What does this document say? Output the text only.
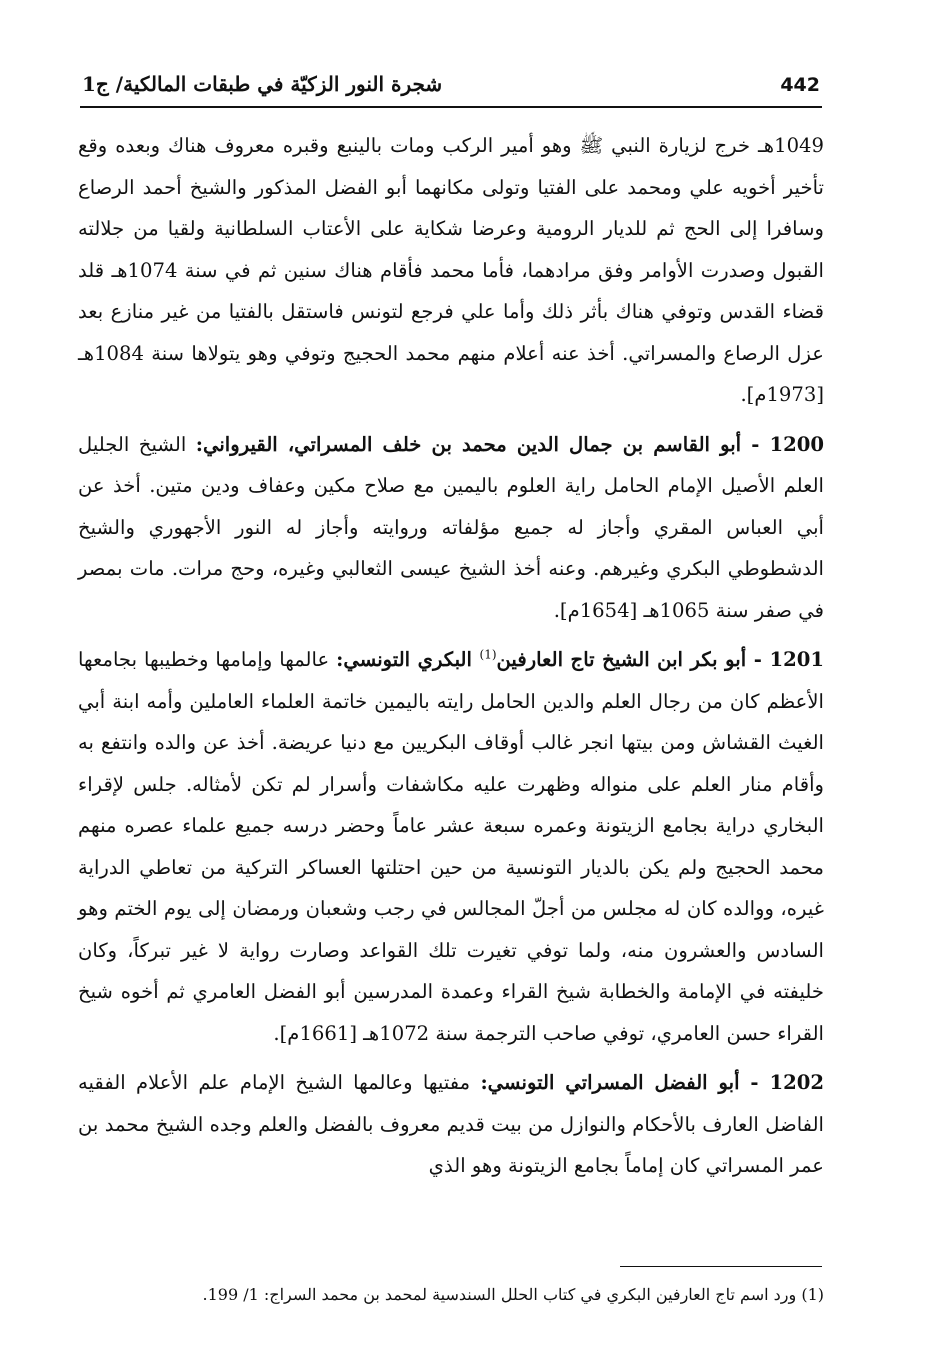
442
شجرة النور الزكيّة في طبقات المالكية/ ج1

1049هـ خرج لزيارة النبي ﷺ وهو أمير الركب ومات بالينبع وقبره معروف هناك وبعده وقع تأخير أخويه علي ومحمد على الفتيا وتولى مكانهما أبو الفضل المذكور والشيخ أحمد الرصاع وسافرا إلى الحج ثم للديار الرومية وعرضا شكاية على الأعتاب السلطانية ولقيا من جلالته القبول وصدرت الأوامر وفق مرادهما، فأما محمد فأقام هناك سنين ثم في سنة 1074هـ قلد قضاء القدس وتوفي هناك بأثر ذلك وأما علي فرجع لتونس فاستقل بالفتيا من غير منازع بعد عزل الرصاع والمسراتي. أخذ عنه أعلام منهم محمد الحجيج وتوفي وهو يتولاها سنة 1084هـ [1973م].

1200 - أبو القاسم بن جمال الدين محمد بن خلف المسراتي، القيرواني: الشيخ الجليل العلم الأصيل الإمام الحامل راية العلوم باليمين مع صلاح مكين وعفاف ودين متين. أخذ عن أبي العباس المقري وأجاز له جميع مؤلفاته وروايته وأجاز له النور الأجهوري والشيخ الدشطوطي البكري وغيرهم. وعنه أخذ الشيخ عيسى الثعالبي وغيره، وحج مرات. مات بمصر في صفر سنة 1065هـ [1654م].

1201 - أبو بكر ابن الشيخ تاج العارفين$^{(1)}$ البكري التونسي: عالمها وإمامها وخطيبها بجامعها الأعظم كان من رجال العلم والدين الحامل رايته باليمين خاتمة العلماء العاملين وأمه ابنة أبي الغيث القشاش ومن بيتها انجر غالب أوقاف البكريين مع دنيا عريضة. أخذ عن والده وانتفع به وأقام منار العلم على منواله وظهرت عليه مكاشفات وأسرار لم تكن لأمثاله. جلس لإقراء البخاري دراية بجامع الزيتونة وعمره سبعة عشر عاماً وحضر درسه جميع علماء عصره منهم محمد الحجيج ولم يكن بالديار التونسية من حين احتلتها العساكر التركية من تعاطي الدراية غيره، ووالده كان له مجلس من أجلّ المجالس في رجب وشعبان ورمضان إلى يوم الختم وهو السادس والعشرون منه، ولما توفي تغيرت تلك القواعد وصارت رواية لا غير تبركاً، وكان خليفته في الإمامة والخطابة شيخ القراء وعمدة المدرسين أبو الفضل العامري ثم أخوه شيخ القراء حسن العامري، توفي صاحب الترجمة سنة 1072هـ [1661م].

1202 - أبو الفضل المسراتي التونسي: مفتيها وعالمها الشيخ الإمام علم الأعلام الفقيه الفاضل العارف بالأحكام والنوازل من بيت قديم معروف بالفضل والعلم وجده الشيخ محمد بن عمر المسراتي كان إماماً بجامع الزيتونة وهو الذي

(1) ورد اسم تاج العارفين البكري في كتاب الحلل السندسية لمحمد بن محمد السراج: 1/ 199.
